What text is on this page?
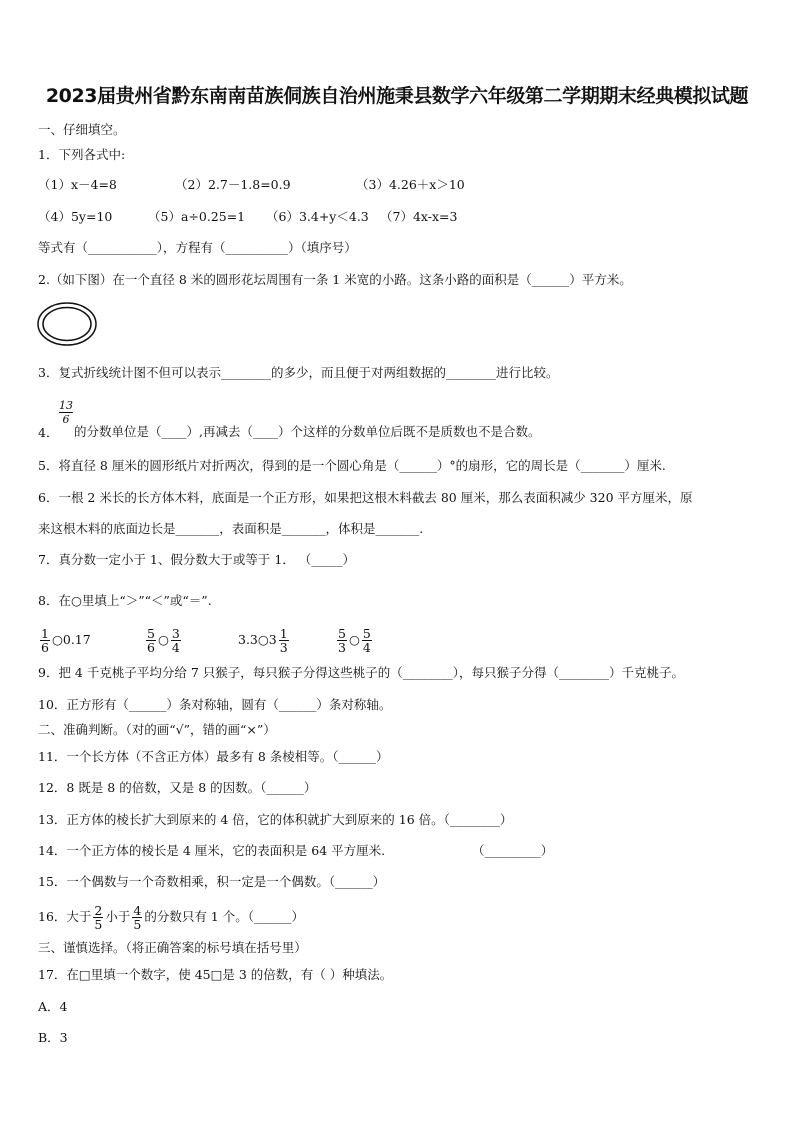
2023届贵州省黔东南南苗族侗族自治州施秉县数学六年级第二学期期末经典模拟试题
一、仔细填空。
1．下列各式中:
（1）x－4=8	（2）2.7－1.8=0.9	（3）4.26＋x＞10
（4）5y=10	（5）a÷0.25=1 （6）3.4+y＜4.3 （7）4x-x=3
等式有（___________），方程有（__________）（填序号）
2.（如下图）在一个直径 8 米的圆形花坛周围有一条 1 米宽的小路。这条小路的面积是（______）平方米。
3．复式折线统计图不但可以表示________的多少，而且便于对两组数据的________进行比较。
$\frac{13}{6}$
4． 的分数单位是（____）,再减去（____）个这样的分数单位后既不是质数也不是合数。
5．将直径 8 厘米的圆形纸片对折两次，得到的是一个圆心角是（______）°的扇形，它的周长是（_______）厘米.
6．一根 2 米长的长方体木料，底面是一个正方形，如果把这根木料截去 80 厘米，那么表面积减少 320 平方厘米，原
来这根木料的底面边长是_______，表面积是_______，体积是_______.
7．真分数一定小于 1、假分数大于或等于 1． （_____）
8．在○里填上“＞”“＜”或“＝”.
$\frac{1}{6}$ ○0.17	$\frac{5}{6}$ ○ $\frac{3}{4}$	3.3○3 $\frac{1}{3}$	$\frac{5}{3}$ ○ $\frac{5}{4}$
9．把 4 千克桃子平均分给 7 只猴子，每只猴子分得这些桃子的（________），每只猴子分得（________）千克桃子。
10．正方形有（______）条对称轴，圆有（______）条对称轴。
二、准确判断。（对的画“√”，错的画“×”）
11．一个长方体（不含正方体）最多有 8 条棱相等。（______）
12．8 既是 8 的倍数，又是 8 的因数。（______）
13．正方体的棱长扩大到原来的 4 倍，它的体积就扩大到原来的 16 倍。（________）
14．一个正方体的棱长是 4 厘米，它的表面积是 64 平方厘米.	（_________）
15．一个偶数与一个奇数相乘，积一定是一个偶数。（______）
16．大于 $\frac{2}{5}$ 小于 $\frac{4}{5}$ 的分数只有 1 个。（______）
三、谨慎选择。（将正确答案的标号填在括号里）
17．在□里填一个数字，使 45□是 3 的倍数，有（ ）种填法。
A．4
B．3
